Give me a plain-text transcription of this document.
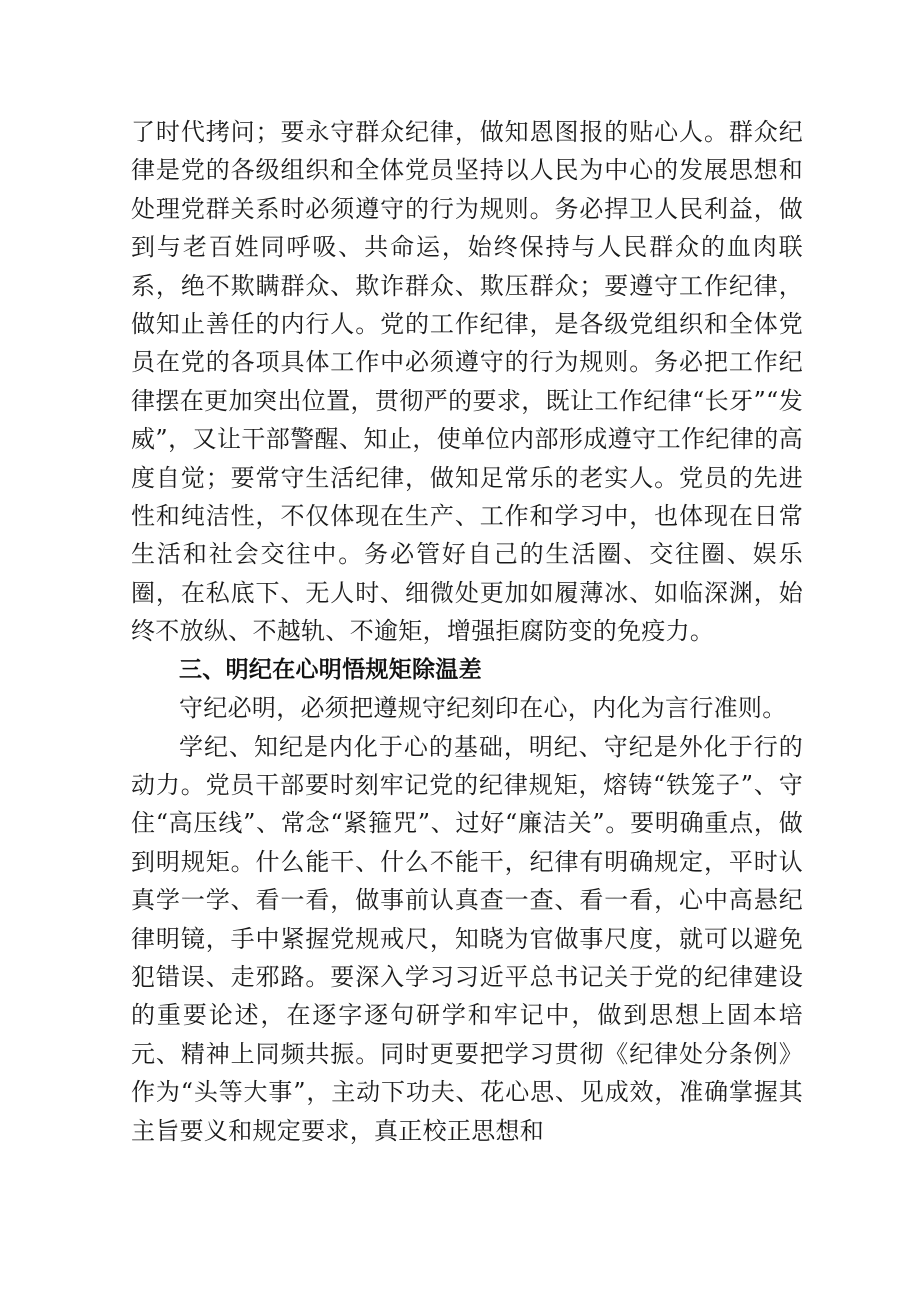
了时代拷问；要永守群众纪律，做知恩图报的贴心人。群众纪律是党的各级组织和全体党员坚持以人民为中心的发展思想和处理党群关系时必须遵守的行为规则。务必捍卫人民利益，做到与老百姓同呼吸、共命运，始终保持与人民群众的血肉联系，绝不欺瞒群众、欺诈群众、欺压群众；要遵守工作纪律，做知止善任的内行人。党的工作纪律，是各级党组织和全体党员在党的各项具体工作中必须遵守的行为规则。务必把工作纪律摆在更加突出位置，贯彻严的要求，既让工作纪律“长牙”“发威”，又让干部警醒、知止，使单位内部形成遵守工作纪律的高度自觉；要常守生活纪律，做知足常乐的老实人。党员的先进性和纯洁性，不仅体现在生产、工作和学习中，也体现在日常生活和社会交往中。务必管好自己的生活圈、交往圈、娱乐圈，在私底下、无人时、细微处更加如履薄冰、如临深渊，始终不放纵、不越轨、不逾矩，增强拒腐防变的免疫力。

三、明纪在心明悟规矩除温差

守纪必明，必须把遵规守纪刻印在心，内化为言行准则。

学纪、知纪是内化于心的基础，明纪、守纪是外化于行的动力。党员干部要时刻牢记党的纪律规矩，熔铸“铁笼子”、守住“高压线”、常念“紧箍咒”、过好“廉洁关”。要明确重点，做到明规矩。什么能干、什么不能干，纪律有明确规定，平时认真学一学、看一看，做事前认真查一查、看一看，心中高悬纪律明镜，手中紧握党规戒尺，知晓为官做事尺度，就可以避免犯错误、走邪路。要深入学习习近平总书记关于党的纪律建设的重要论述，在逐字逐句研学和牢记中，做到思想上固本培元、精神上同频共振。同时更要把学习贯彻《纪律处分条例》作为“头等大事”，主动下功夫、花心思、见成效，准确掌握其主旨要义和规定要求，真正校正思想和
